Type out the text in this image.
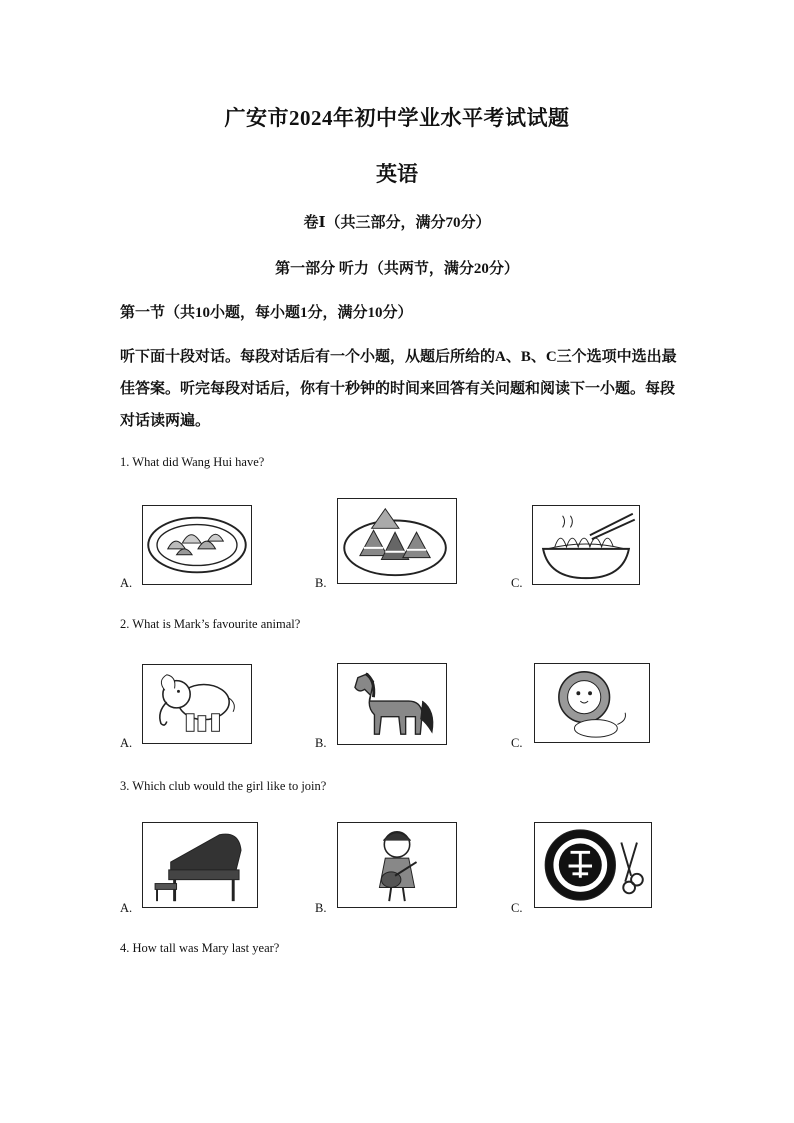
广安市2024年初中学业水平考试试题
英语
卷Ⅰ（共三部分，满分70分）
第一部分 听力（共两节，满分20分）
第一节（共10小题，每小题1分，满分10分）
听下面十段对话。每段对话后有一个小题，从题后所给的A、B、C三个选项中选出最佳答案。听完每段对话后，你有十秒钟的时间来回答有关问题和阅读下一小题。每段对话读两遍。
1. What did Wang Hui have?
A.	B.	C.
2. What is Mark’s favourite animal?
A.	B.	C.
3. Which club would the girl like to join?
A.	B.	C.
4. How tall was Mary last year?
